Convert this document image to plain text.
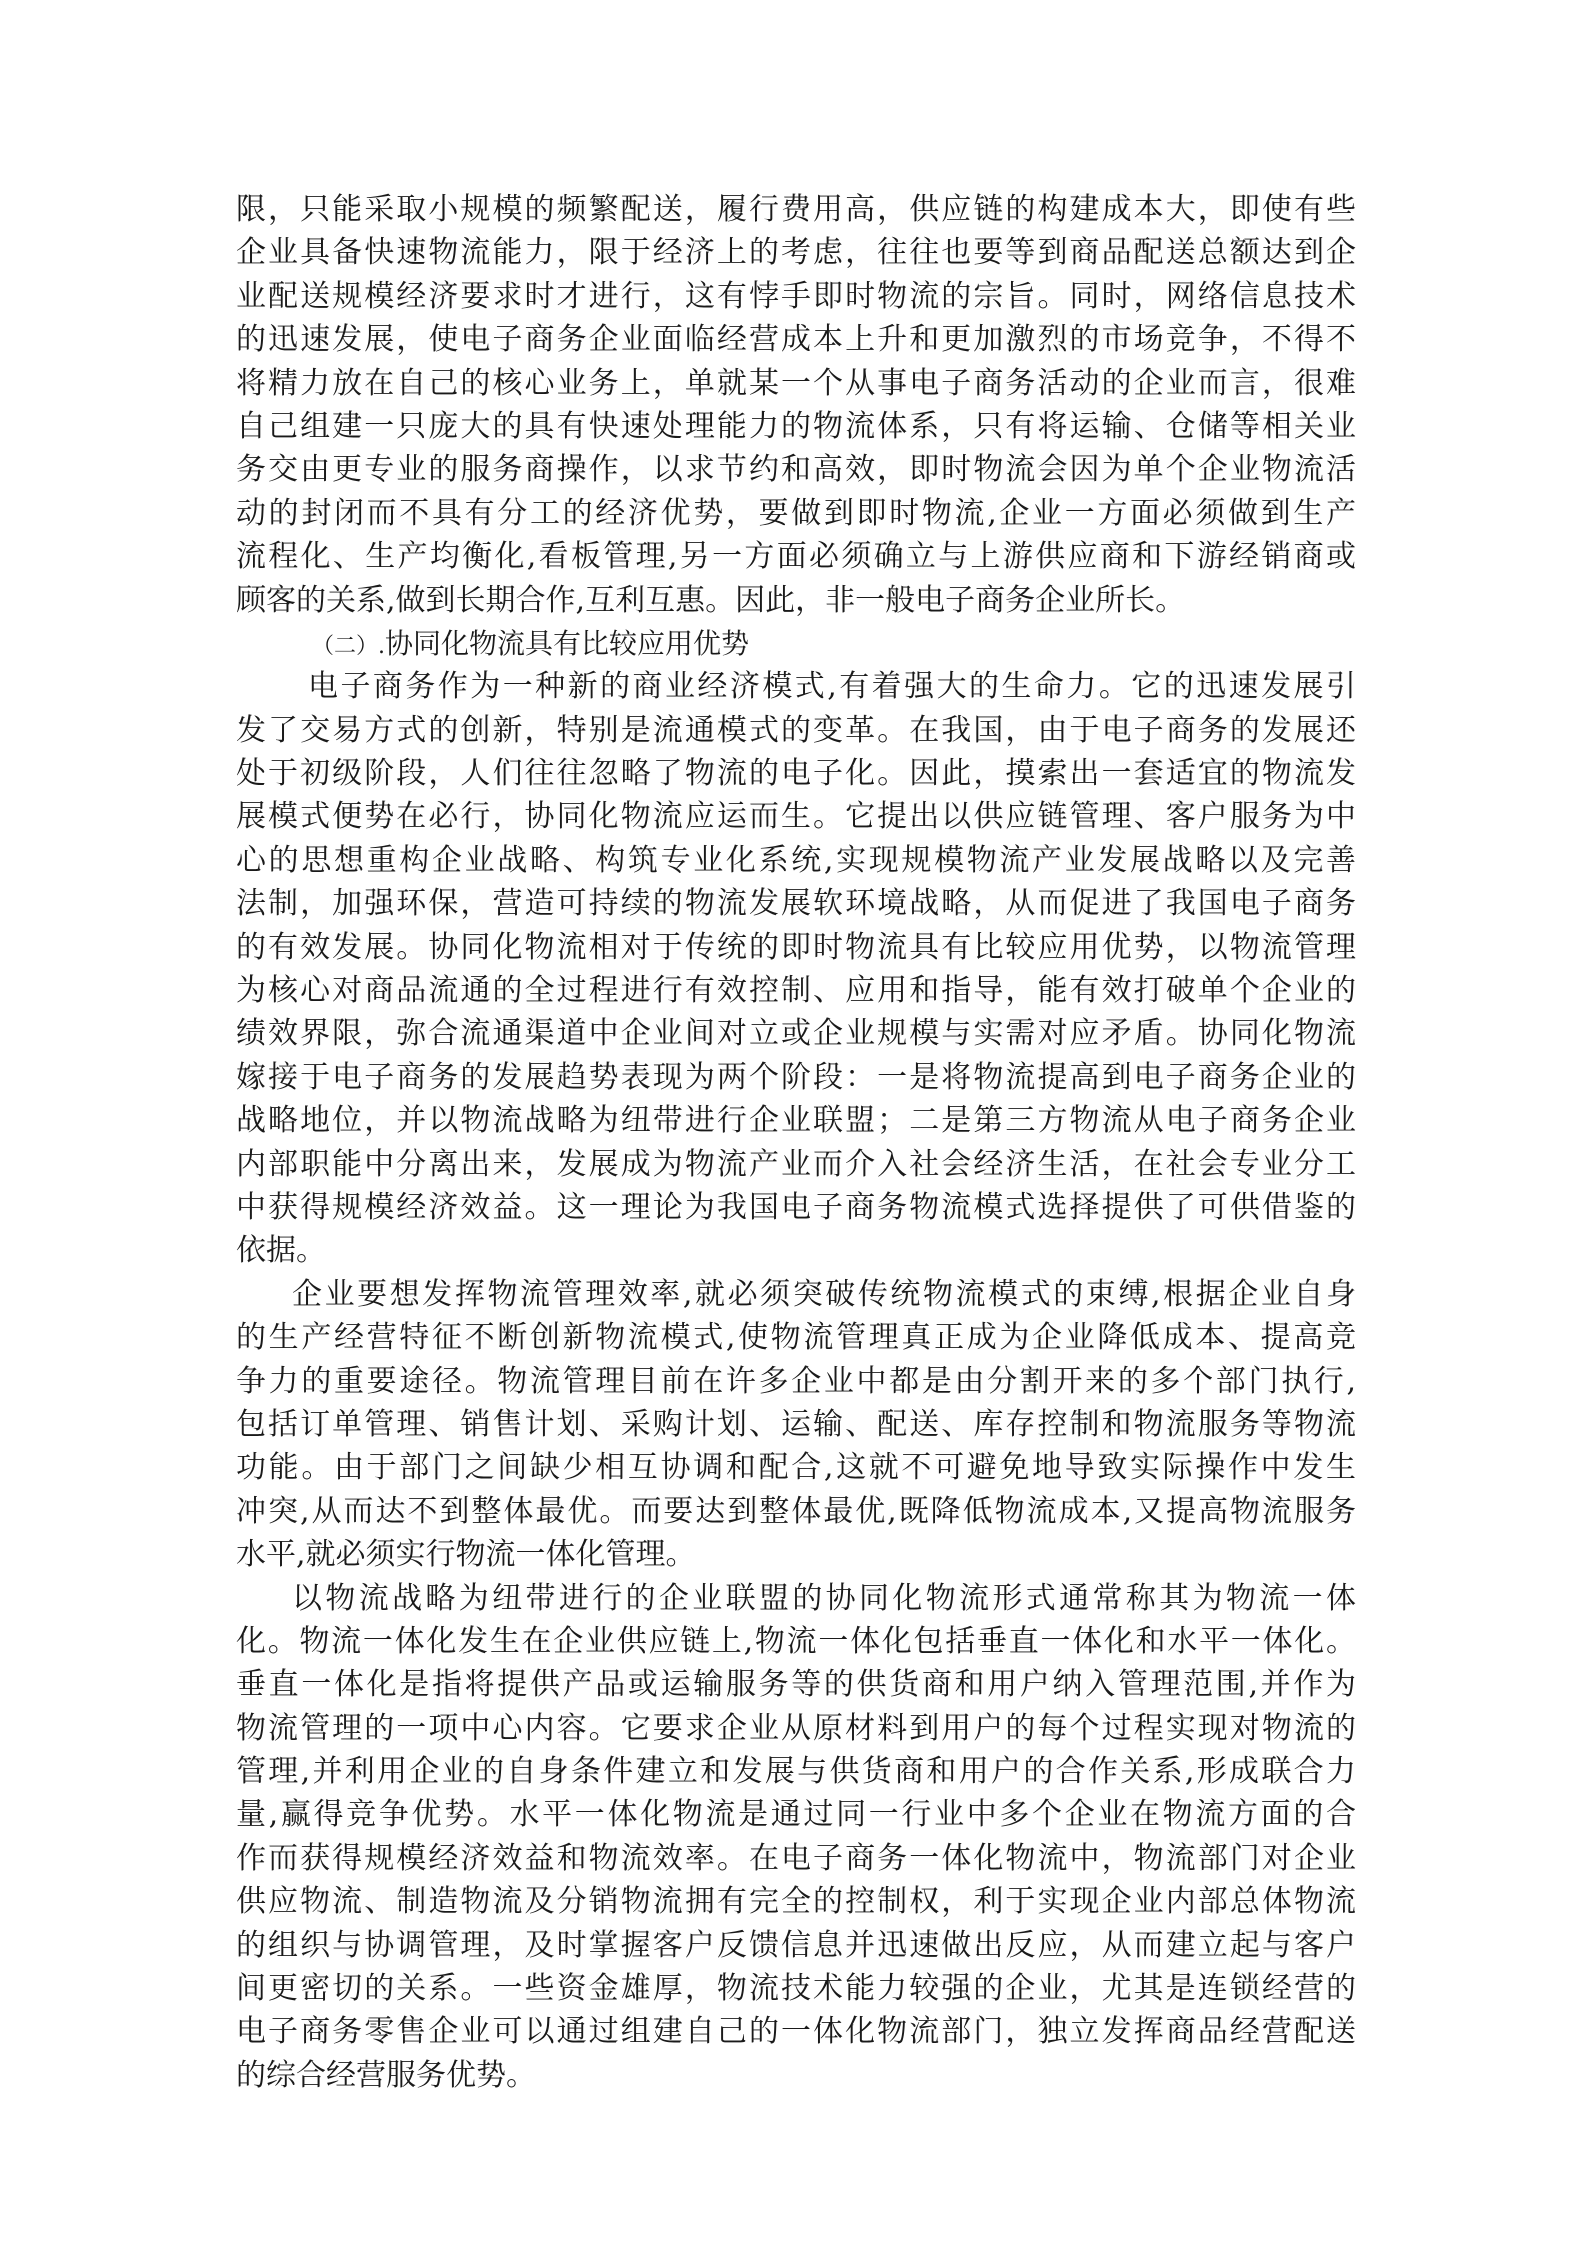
限，只能采取小规模的频繁配送，履行费用高，供应链的构建成本大，即使有些
企业具备快速物流能力，限于经济上的考虑，往往也要等到商品配送总额达到企
业配送规模经济要求时才进行，这有悖手即时物流的宗旨。同时，网络信息技术
的迅速发展，使电子商务企业面临经营成本上升和更加激烈的市场竞争，不得不
将精力放在自己的核心业务上，单就某一个从事电子商务活动的企业而言，很难
自己组建一只庞大的具有快速处理能力的物流体系，只有将运输、仓储等相关业
务交由更专业的服务商操作，以求节约和高效，即时物流会因为单个企业物流活
动的封闭而不具有分工的经济优势，要做到即时物流,企业一方面必须做到生产
流程化、生产均衡化,看板管理,另一方面必须确立与上游供应商和下游经销商或
顾客的关系,做到长期合作,互利互惠。因此，非一般电子商务企业所长。
（二）.协同化物流具有比较应用优势
电子商务作为一种新的商业经济模式,有着强大的生命力。它的迅速发展引
发了交易方式的创新，特别是流通模式的变革。在我国，由于电子商务的发展还
处于初级阶段，人们往往忽略了物流的电子化。因此，摸索出一套适宜的物流发
展模式便势在必行，协同化物流应运而生。它提出以供应链管理、客户服务为中
心的思想重构企业战略、构筑专业化系统,实现规模物流产业发展战略以及完善
法制，加强环保，营造可持续的物流发展软环境战略，从而促进了我国电子商务
的有效发展。协同化物流相对于传统的即时物流具有比较应用优势，以物流管理
为核心对商品流通的全过程进行有效控制、应用和指导，能有效打破单个企业的
绩效界限，弥合流通渠道中企业间对立或企业规模与实需对应矛盾。协同化物流
嫁接于电子商务的发展趋势表现为两个阶段：一是将物流提高到电子商务企业的
战略地位，并以物流战略为纽带进行企业联盟；二是第三方物流从电子商务企业
内部职能中分离出来，发展成为物流产业而介入社会经济生活，在社会专业分工
中获得规模经济效益。这一理论为我国电子商务物流模式选择提供了可供借鉴的
依据。
企业要想发挥物流管理效率,就必须突破传统物流模式的束缚,根据企业自身
的生产经营特征不断创新物流模式,使物流管理真正成为企业降低成本、提高竞
争力的重要途径。物流管理目前在许多企业中都是由分割开来的多个部门执行,
包括订单管理、销售计划、采购计划、运输、配送、库存控制和物流服务等物流
功能。由于部门之间缺少相互协调和配合,这就不可避免地导致实际操作中发生
冲突,从而达不到整体最优。而要达到整体最优,既降低物流成本,又提高物流服务
水平,就必须实行物流一体化管理。
以物流战略为纽带进行的企业联盟的协同化物流形式通常称其为物流一体
化。物流一体化发生在企业供应链上,物流一体化包括垂直一体化和水平一体化。
垂直一体化是指将提供产品或运输服务等的供货商和用户纳入管理范围,并作为
物流管理的一项中心内容。它要求企业从原材料到用户的每个过程实现对物流的
管理,并利用企业的自身条件建立和发展与供货商和用户的合作关系,形成联合力
量,赢得竞争优势。水平一体化物流是通过同一行业中多个企业在物流方面的合
作而获得规模经济效益和物流效率。在电子商务一体化物流中，物流部门对企业
供应物流、制造物流及分销物流拥有完全的控制权，利于实现企业内部总体物流
的组织与协调管理，及时掌握客户反馈信息并迅速做出反应，从而建立起与客户
间更密切的关系。一些资金雄厚，物流技术能力较强的企业，尤其是连锁经营的
电子商务零售企业可以通过组建自己的一体化物流部门，独立发挥商品经营配送
的综合经营服务优势。
